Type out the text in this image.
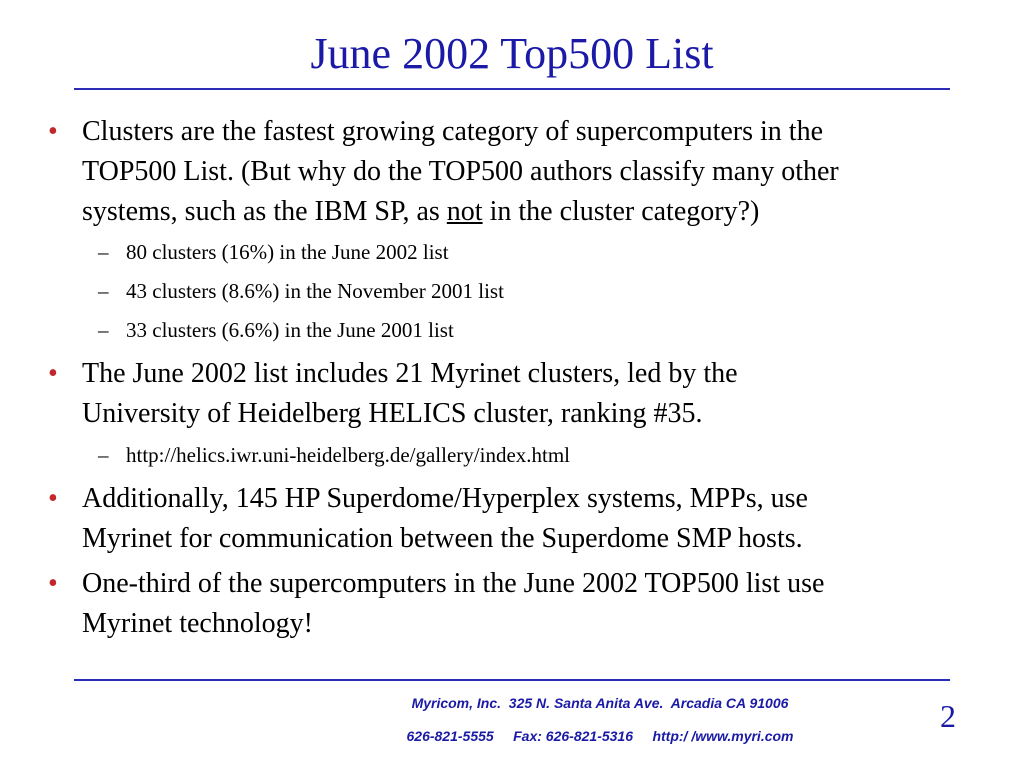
June 2002 Top500 List
• Clusters are the fastest growing category of supercomputers in the
TOP500 List. (But why do the TOP500 authors classify many other
systems, such as the IBM SP, as not in the cluster category?)
– 80 clusters (16%) in the June 2002 list
– 43 clusters (8.6%) in the November 2001 list
– 33 clusters (6.6%) in the June 2001 list
• The June 2002 list includes 21 Myrinet clusters, led by the
University of Heidelberg HELICS cluster, ranking #35.
– http://helics.iwr.uni-heidelberg.de/gallery/index.html
• Additionally, 145 HP Superdome/Hyperplex systems, MPPs, use
Myrinet for communication between the Superdome SMP hosts.
• One-third of the supercomputers in the June 2002 TOP500 list use
Myrinet technology!
Myricom, Inc.  325 N. Santa Anita Ave.  Arcadia CA 91006
626-821-5555     Fax: 626-821-5316     http:/ /www.myri.com
2
